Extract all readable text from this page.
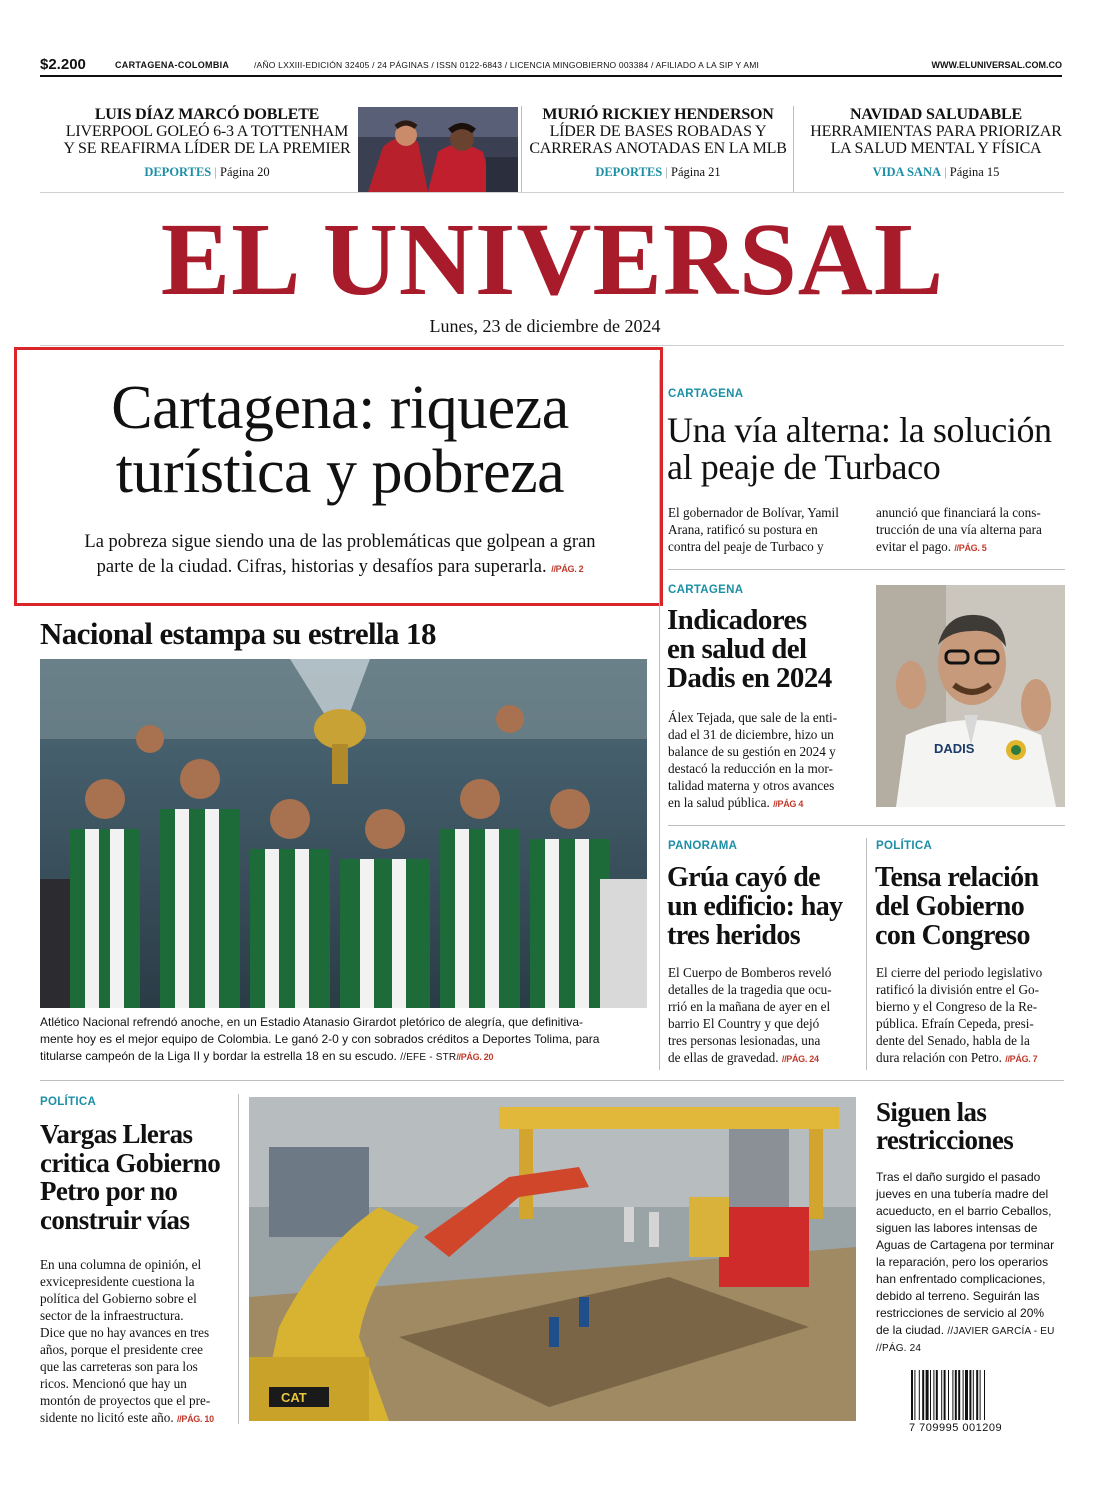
$2.200	CARTAGENA-COLOMBIA	/AÑO LXXIII-EDICIÓN 32405 / 24 PÁGINAS / ISSN 0122-6843 / LICENCIA MINGOBIERNO 003384 / AFILIADO A LA SIP Y AMI	WWW.ELUNIVERSAL.COM.CO
LUIS DÍAZ MARCÓ DOBLETE
LIVERPOOL GOLEÓ 6-3 A TOTTENHAM
Y SE REAFIRMA LÍDER DE LA PREMIER
DEPORTES | Página 20
MURIÓ RICKIEY HENDERSON
LÍDER DE BASES ROBADAS Y
CARRERAS ANOTADAS EN LA MLB
DEPORTES | Página 21
NAVIDAD SALUDABLE
HERRAMIENTAS PARA PRIORIZAR
LA SALUD MENTAL Y FÍSICA
VIDA SANA | Página 15
EL UNIVERSAL
Lunes, 23 de diciembre de 2024
Cartagena: riqueza
turística y pobreza
La pobreza sigue siendo una de las problemáticas que golpean a gran
parte de la ciudad. Cifras, historias y desafíos para superarla. //PÁG. 2
CARTAGENA
Una vía alterna: la solución
al peaje de Turbaco
El gobernador de Bolívar, Yamil
Arana, ratificó su postura en
contra del peaje de Turbaco y
anunció que financiará la cons-
trucción de una vía alterna para
evitar el pago. //PÁG. 5
CARTAGENA
Indicadores
en salud del
Dadis en 2024
Álex Tejada, que sale de la enti-
dad el 31 de diciembre, hizo un
balance de su gestión en 2024 y
destacó la reducción en la mor-
talidad materna y otros avances
en la salud pública. //PÁG 4
DADIS
PANORAMA
Grúa cayó de
un edificio: hay
tres heridos
El Cuerpo de Bomberos reveló
detalles de la tragedia que ocu-
rrió en la mañana de ayer en el
barrio El Country y que dejó
tres personas lesionadas, una
de ellas de gravedad. //PÁG. 24
POLÍTICA
Tensa relación
del Gobierno
con Congreso
El cierre del periodo legislativo
ratificó la división entre el Go-
bierno y el Congreso de la Re-
pública. Efraín Cepeda, presi-
dente del Senado, habla de la
dura relación con Petro. //PÁG. 7
Nacional estampa su estrella 18
Atlético Nacional refrendó anoche, en un Estadio Atanasio Girardot pletórico de alegría, que definitiva-
mente hoy es el mejor equipo de Colombia. Le ganó 2-0 y con sobrados créditos a Deportes Tolima, para
titularse campeón de la Liga II y bordar la estrella 18 en su escudo. //EFE - STR//PÁG. 20
POLÍTICA
Vargas Lleras
critica Gobierno
Petro por no
construir vías
En una columna de opinión, el
exvicepresidente cuestiona la
política del Gobierno sobre el
sector de la infraestructura.
Dice que no hay avances en tres
años, porque el presidente cree
que las carreteras son para los
ricos. Mencionó que hay un
montón de proyectos que el pre-
sidente no licitó este año. //PÁG. 10
CAT
Siguen las
restricciones
Tras el daño surgido el pasado
jueves en una tubería madre del
acueducto, en el barrio Ceballos,
siguen las labores intensas de
Aguas de Cartagena por terminar
la reparación, pero los operarios
han enfrentado complicaciones,
debido al terreno. Seguirán las
restricciones de servicio al 20%
de la ciudad. //JAVIER GARCÍA - EU
//PÁG. 24
7 709995 001209
